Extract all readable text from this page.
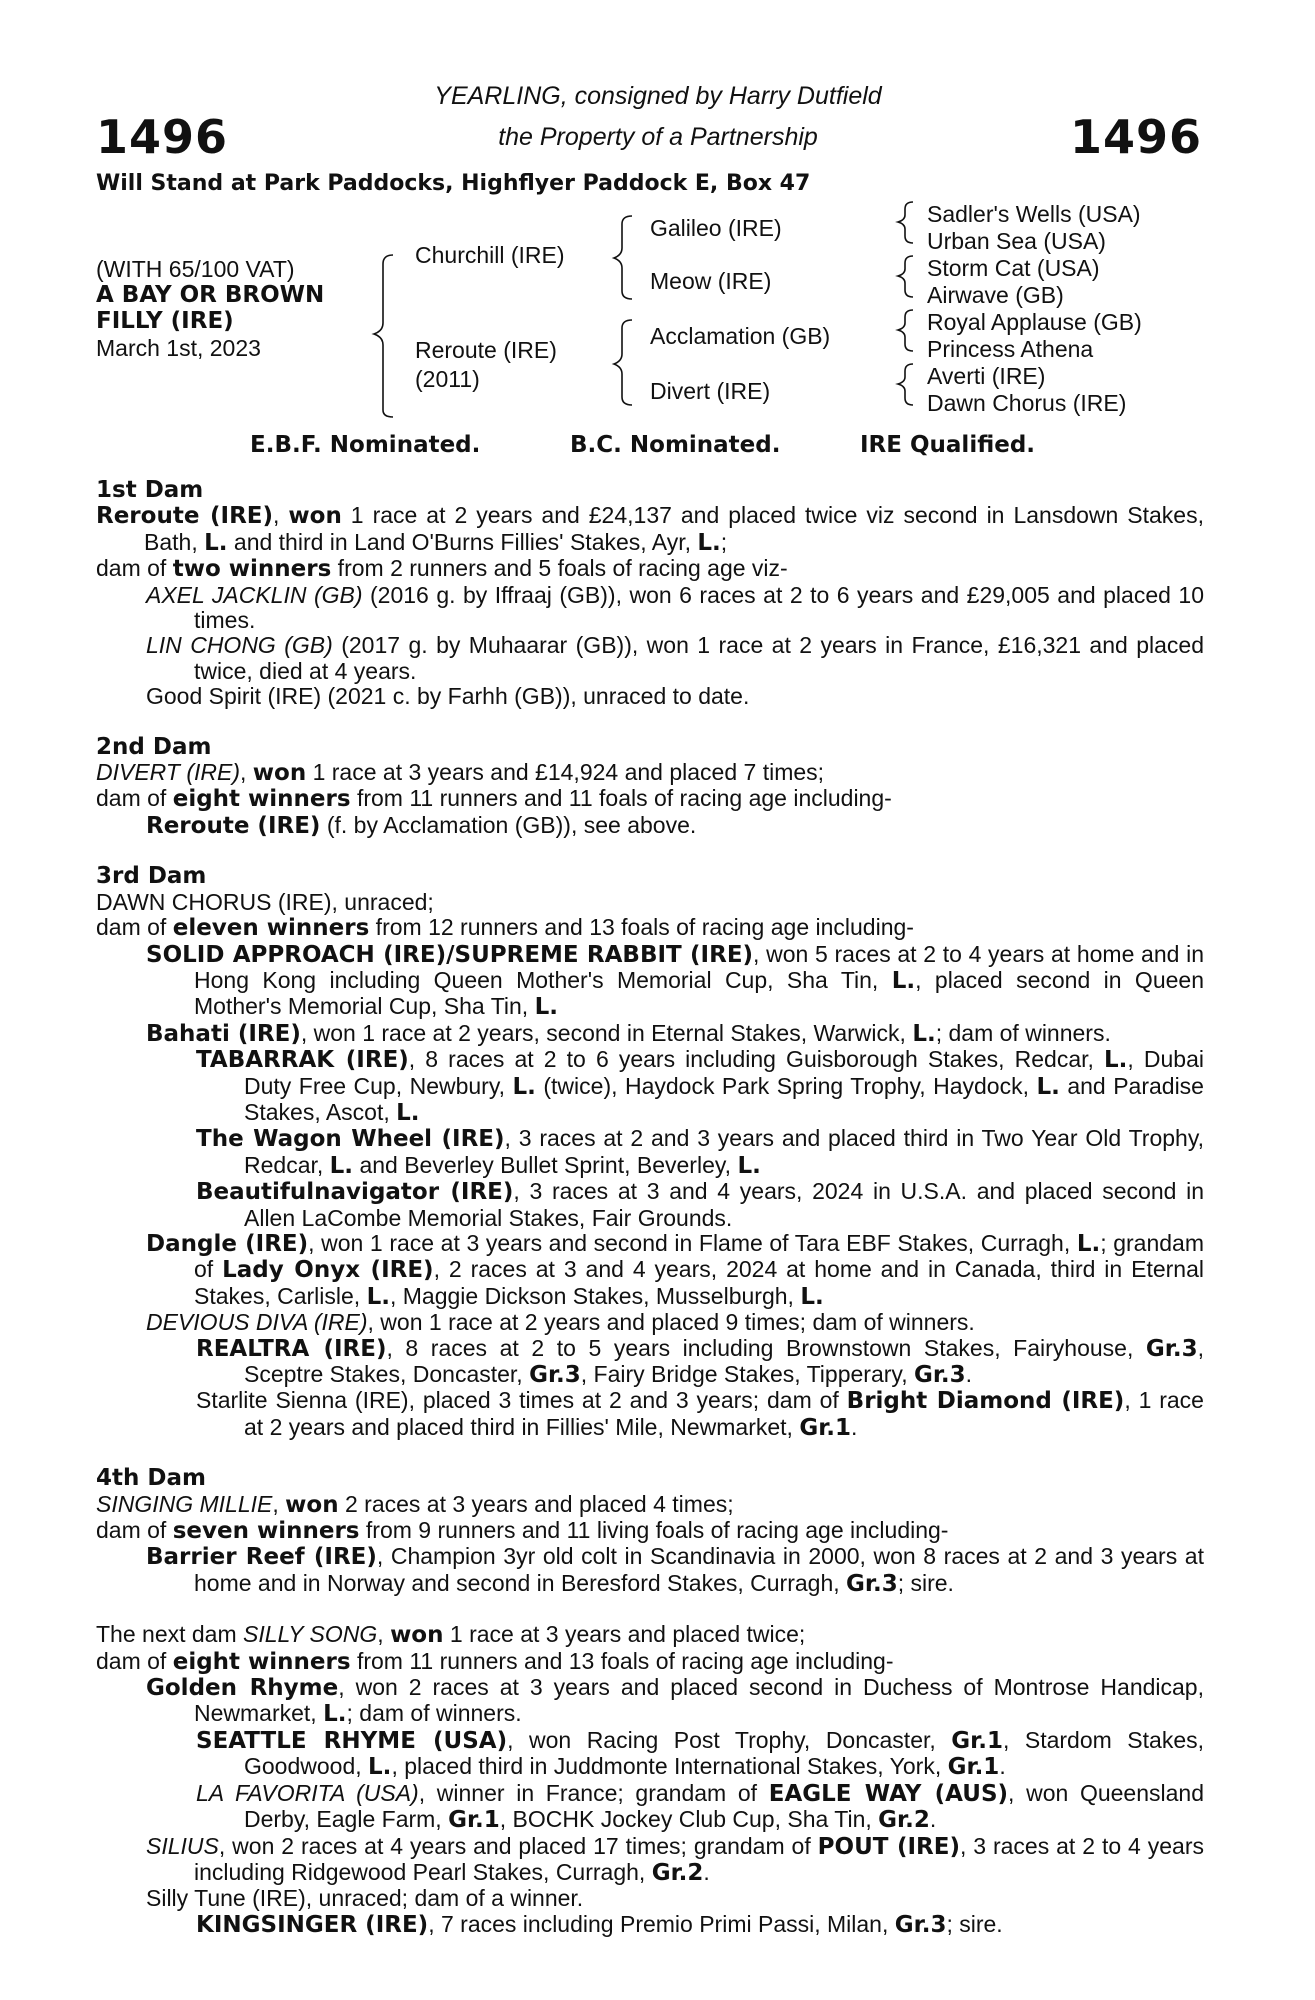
1496	1496
YEARLING, consigned by Harry Dutfield
the Property of a Partnership
Will Stand at Park Paddocks, Highflyer Paddock E, Box 47
(WITH 65/100 VAT)
A BAY OR BROWN
FILLY (IRE)
March 1st, 2023
Churchill (IRE)
Reroute (IRE)
(2011)
Galileo (IRE)
Meow (IRE)
Acclamation (GB)
Divert (IRE)
Sadler's Wells (USA)
Urban Sea (USA)
Storm Cat (USA)
Airwave (GB)
Royal Applause (GB)
Princess Athena
Averti (IRE)
Dawn Chorus (IRE)
E.B.F. Nominated.	B.C. Nominated.	IRE Qualified.
1st Dam
Reroute (IRE), won 1 race at 2 years and £24,137 and placed twice viz second in Lansdown Stakes, Bath, L. and third in Land O'Burns Fillies' Stakes, Ayr, L.;
dam of two winners from 2 runners and 5 foals of racing age viz-
AXEL JACKLIN (GB) (2016 g. by Iffraaj (GB)), won 6 races at 2 to 6 years and £29,005 and placed 10 times.
LIN CHONG (GB) (2017 g. by Muhaarar (GB)), won 1 race at 2 years in France, £16,321 and placed twice, died at 4 years.
Good Spirit (IRE) (2021 c. by Farhh (GB)), unraced to date.
2nd Dam
DIVERT (IRE), won 1 race at 3 years and £14,924 and placed 7 times;
dam of eight winners from 11 runners and 11 foals of racing age including-
Reroute (IRE) (f. by Acclamation (GB)), see above.
3rd Dam
DAWN CHORUS (IRE), unraced;
dam of eleven winners from 12 runners and 13 foals of racing age including-
SOLID APPROACH (IRE)/SUPREME RABBIT (IRE), won 5 races at 2 to 4 years at home and in Hong Kong including Queen Mother's Memorial Cup, Sha Tin, L., placed second in Queen Mother's Memorial Cup, Sha Tin, L.
Bahati (IRE), won 1 race at 2 years, second in Eternal Stakes, Warwick, L.; dam of winners.
TABARRAK (IRE), 8 races at 2 to 6 years including Guisborough Stakes, Redcar, L., Dubai Duty Free Cup, Newbury, L. (twice), Haydock Park Spring Trophy, Haydock, L. and Paradise Stakes, Ascot, L.
The Wagon Wheel (IRE), 3 races at 2 and 3 years and placed third in Two Year Old Trophy, Redcar, L. and Beverley Bullet Sprint, Beverley, L.
Beautifulnavigator (IRE), 3 races at 3 and 4 years, 2024 in U.S.A. and placed second in Allen LaCombe Memorial Stakes, Fair Grounds.
Dangle (IRE), won 1 race at 3 years and second in Flame of Tara EBF Stakes, Curragh, L.; grandam of Lady Onyx (IRE), 2 races at 3 and 4 years, 2024 at home and in Canada, third in Eternal Stakes, Carlisle, L., Maggie Dickson Stakes, Musselburgh, L.
DEVIOUS DIVA (IRE), won 1 race at 2 years and placed 9 times; dam of winners.
REALTRA (IRE), 8 races at 2 to 5 years including Brownstown Stakes, Fairyhouse, Gr.3, Sceptre Stakes, Doncaster, Gr.3, Fairy Bridge Stakes, Tipperary, Gr.3.
Starlite Sienna (IRE), placed 3 times at 2 and 3 years; dam of Bright Diamond (IRE), 1 race at 2 years and placed third in Fillies' Mile, Newmarket, Gr.1.
4th Dam
SINGING MILLIE, won 2 races at 3 years and placed 4 times;
dam of seven winners from 9 runners and 11 living foals of racing age including-
Barrier Reef (IRE), Champion 3yr old colt in Scandinavia in 2000, won 8 races at 2 and 3 years at home and in Norway and second in Beresford Stakes, Curragh, Gr.3; sire.
The next dam SILLY SONG, won 1 race at 3 years and placed twice;
dam of eight winners from 11 runners and 13 foals of racing age including-
Golden Rhyme, won 2 races at 3 years and placed second in Duchess of Montrose Handicap, Newmarket, L.; dam of winners.
SEATTLE RHYME (USA), won Racing Post Trophy, Doncaster, Gr.1, Stardom Stakes, Goodwood, L., placed third in Juddmonte International Stakes, York, Gr.1.
LA FAVORITA (USA), winner in France; grandam of EAGLE WAY (AUS), won Queensland Derby, Eagle Farm, Gr.1, BOCHK Jockey Club Cup, Sha Tin, Gr.2.
SILIUS, won 2 races at 4 years and placed 17 times; grandam of POUT (IRE), 3 races at 2 to 4 years including Ridgewood Pearl Stakes, Curragh, Gr.2.
Silly Tune (IRE), unraced; dam of a winner.
KINGSINGER (IRE), 7 races including Premio Primi Passi, Milan, Gr.3; sire.
